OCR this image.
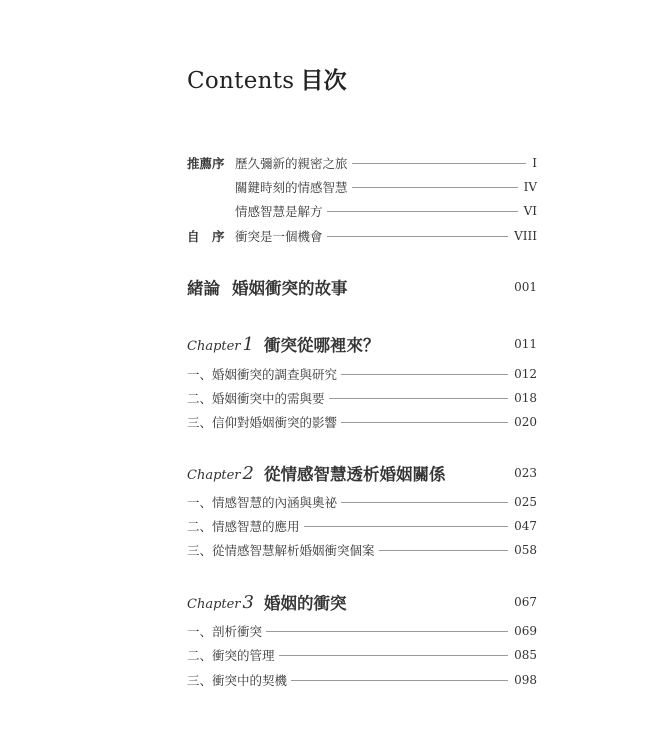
Contents 目次
推薦序 歷久彌新的親密之旅	I
關鍵時刻的情感智慧	IV
情感智慧是解方	VI
自　序 衝突是一個機會	VIII
緒論 婚姻衝突的故事	001
Chapter 1 衝突從哪裡來？	011
一、婚姻衝突的調查與研究	012
二、婚姻衝突中的需與要	018
三、信仰對婚姻衝突的影響	020
Chapter 2 從情感智慧透析婚姻關係	023
一、情感智慧的內涵與奧祕	025
二、情感智慧的應用	047
三、從情感智慧解析婚姻衝突個案	058
Chapter 3 婚姻的衝突	067
一、剖析衝突	069
二、衝突的管理	085
三、衝突中的契機	098
